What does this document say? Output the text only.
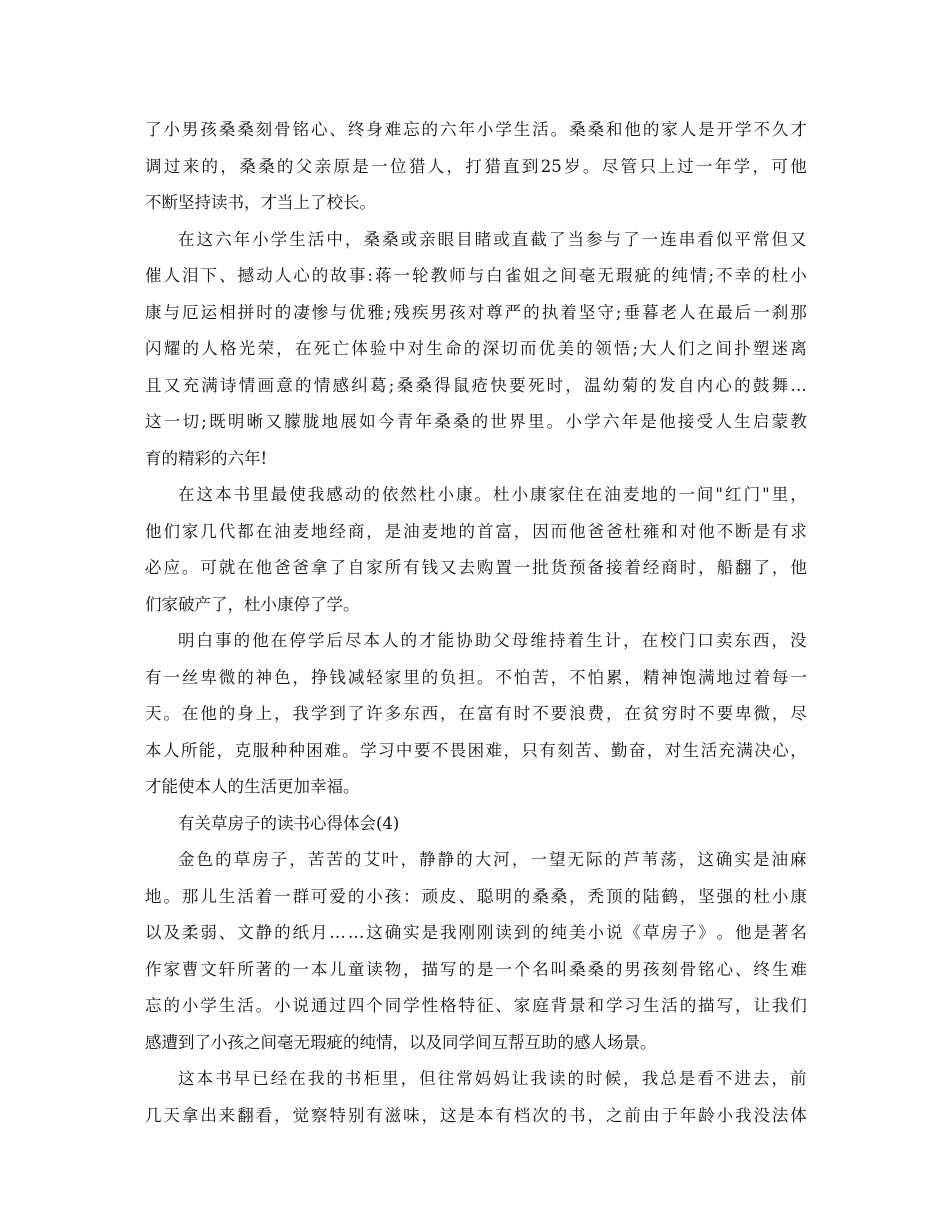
了 小 男 孩 桑 桑 刻 骨 铭 心 、 终 身 难 忘 的 六 年 小 学 生 活 。 桑 桑 和 他 的 家 人 是 开 学 不 久 才
调 过 来 的 ， 桑 桑 的 父 亲 原 是 一 位 猎 人 ， 打 猎 直 到 25 岁 。 尽 管 只 上 过 一 年 学 ， 可 他
不断坚持读书，才当上了校长。
在 这 六 年 小 学 生 活 中 ， 桑 桑 或 亲 眼 目 睹 或 直 截 了 当 参 与 了 一 连 串 看 似 平 常 但 又
催 人 泪 下 、 撼 动 人 心 的 故 事 : 蒋 一 轮 教 师 与 白 雀 姐 之 间 毫 无 瑕 疵 的 纯 情 ; 不 幸 的 杜 小
康 与 厄 运 相 拼 时 的 凄 惨 与 优 雅 ; 残 疾 男 孩 对 尊 严 的 执 着 坚 守 ; 垂 暮 老 人 在 最 后 一 刹 那
闪 耀 的 人 格 光 荣 ， 在 死 亡 体 验 中 对 生 命 的 深 切 而 优 美 的 领 悟 ; 大 人 们 之 间 扑 塑 迷 离
且 又 充 满 诗 情 画 意 的 情 感 纠 葛 ; 桑 桑 得 鼠 疮 快 要 死 时 ， 温 幼 菊 的 发 自 内 心 的 鼓 舞 …
这 一 切 ; 既 明 晰 又 朦 胧 地 展 如 今 青 年 桑 桑 的 世 界 里 。 小 学 六 年 是 他 接 受 人 生 启 蒙 教
育的精彩的六年!
在 这 本 书 里 最 使 我 感 动 的 依 然 杜 小 康 。 杜 小 康 家 住 在 油 麦 地 的 一 间 " 红 门 " 里 ，
他 们 家 几 代 都 在 油 麦 地 经 商 ， 是 油 麦 地 的 首 富 ， 因 而 他 爸 爸 杜 雍 和 对 他 不 断 是 有 求
必 应 。 可 就 在 他 爸 爸 拿 了 自 家 所 有 钱 又 去 购 置 一 批 货 预 备 接 着 经 商 时 ， 船 翻 了 ， 他
们家破产了，杜小康停了学。
明 白 事 的 他 在 停 学 后 尽 本 人 的 才 能 协 助 父 母 维 持 着 生 计 ， 在 校 门 口 卖 东 西 ， 没
有 一 丝 卑 微 的 神 色 ， 挣 钱 减 轻 家 里 的 负 担 。 不 怕 苦 ， 不 怕 累 ， 精 神 饱 满 地 过 着 每 一
天 。 在 他 的 身 上 ， 我 学 到 了 许 多 东 西 ， 在 富 有 时 不 要 浪 费 ， 在 贫 穷 时 不 要 卑 微 ， 尽
本 人 所 能 ， 克 服 种 种 困 难 。 学 习 中 要 不 畏 困 难 ， 只 有 刻 苦 、 勤 奋 ， 对 生 活 充 满 决 心 ，
才能使本人的生活更加幸福。
有关草房子的读书心得体会(4)
金 色 的 草 房 子 ， 苦 苦 的 艾 叶 ， 静 静 的 大 河 ， 一 望 无 际 的 芦 苇 荡 ， 这 确 实 是 油 麻
地 。 那 儿 生 活 着 一 群 可 爱 的 小 孩 ： 顽 皮 、 聪 明 的 桑 桑 ， 秃 顶 的 陆 鹤 ， 坚 强 的 杜 小 康
以 及 柔 弱 、 文 静 的 纸 月 … … 这 确 实 是 我 刚 刚 读 到 的 纯 美 小 说 《 草 房 子 》 。 他 是 著 名
作 家 曹 文 轩 所 著 的 一 本 儿 童 读 物 ， 描 写 的 是 一 个 名 叫 桑 桑 的 男 孩 刻 骨 铭 心 、 终 生 难
忘 的 小 学 生 活 。 小 说 通 过 四 个 同 学 性 格 特 征 、 家 庭 背 景 和 学 习 生 活 的 描 写 ， 让 我 们
感遭到了小孩之间毫无瑕疵的纯情，以及同学间互帮互助的感人场景。
这 本 书 早 已 经 在 我 的 书 柜 里 ， 但 往 常 妈 妈 让 我 读 的 时 候 ， 我 总 是 看 不 进 去 ， 前
几 天 拿 出 来 翻 看 ， 觉 察 特 别 有 滋 味 ， 这 是 本 有 档 次 的 书 ， 之 前 由 于 年 龄 小 我 没 法 体
